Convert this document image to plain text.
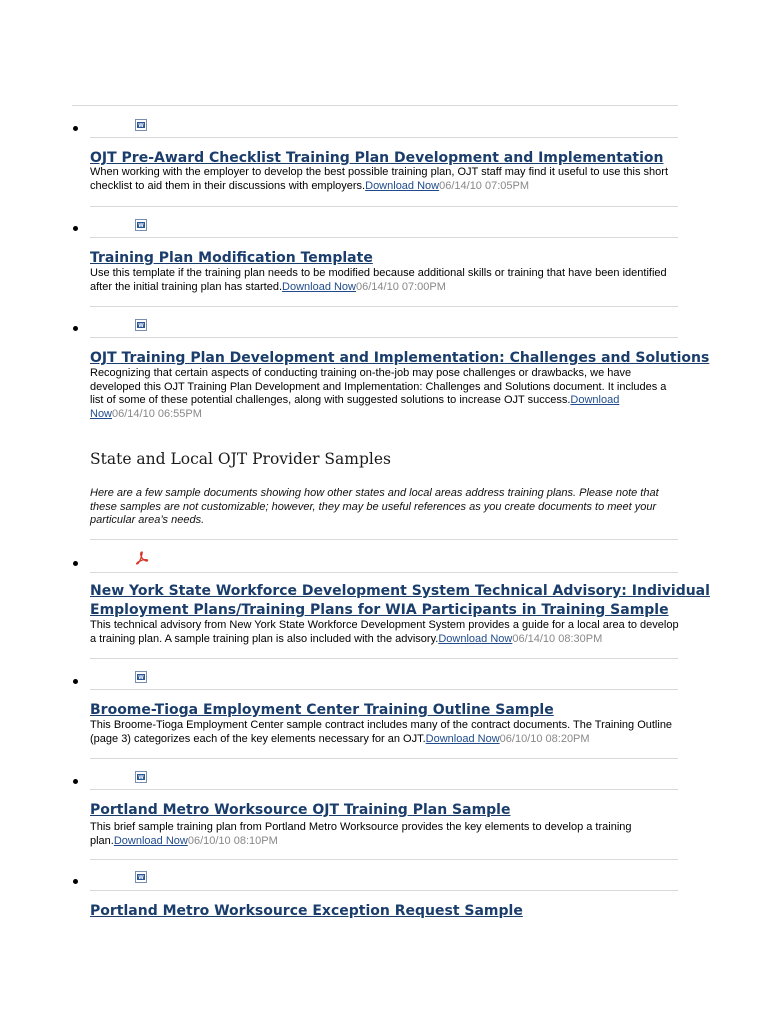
W
OJT Pre-Award Checklist Training Plan Development and Implementation
When working with the employer to develop the best possible training plan, OJT staff may find it useful to use this short checklist to aid them in their discussions with employers.Download Now06/14/10 07:05PM
W
Training Plan Modification Template
Use this template if the training plan needs to be modified because additional skills or training that have been identified after the initial training plan has started.Download Now06/14/10 07:00PM
W
OJT Training Plan Development and Implementation: Challenges and Solutions
Recognizing that certain aspects of conducting training on-the-job may pose challenges or drawbacks, we have developed this OJT Training Plan Development and Implementation: Challenges and Solutions document. It includes a list of some of these potential challenges, along with suggested solutions to increase OJT success.Download Now06/14/10 06:55PM
State and Local OJT Provider Samples
Here are a few sample documents showing how other states and local areas address training plans. Please note that these samples are not customizable; however, they may be useful references as you create documents to meet your particular area’s needs.
New York State Workforce Development System Technical Advisory: Individual
Employment Plans/Training Plans for WIA Participants in Training Sample
This technical advisory from New York State Workforce Development System provides a guide for a local area to develop a training plan. A sample training plan is also included with the advisory.Download Now06/14/10 08:30PM
W
Broome-Tioga Employment Center Training Outline Sample
This Broome-Tioga Employment Center sample contract includes many of the contract documents. The Training Outline (page 3) categorizes each of the key elements necessary for an OJT.Download Now06/10/10 08:20PM
W
Portland Metro Worksource OJT Training Plan Sample
This brief sample training plan from Portland Metro Worksource provides the key elements to develop a training plan.Download Now06/10/10 08:10PM
W
Portland Metro Worksource Exception Request Sample
